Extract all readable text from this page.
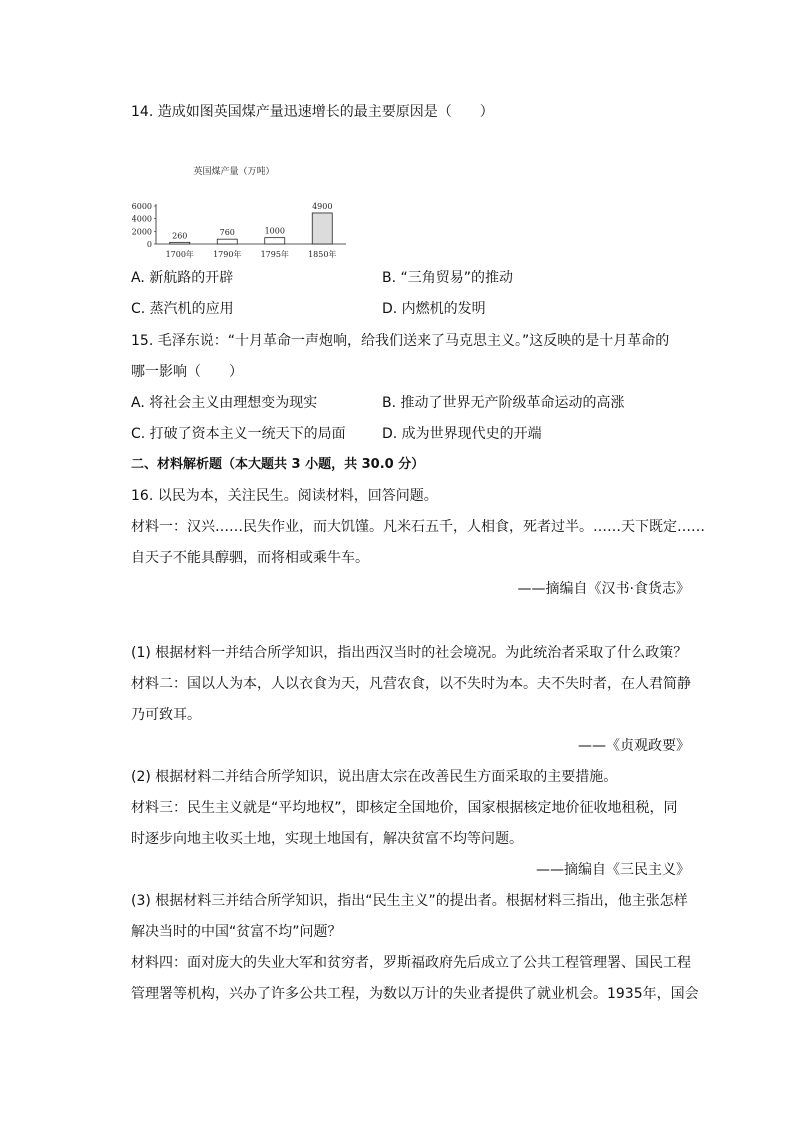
14. 造成如图英国煤产量迅速增长的最主要原因是（　　）
英国煤产量（万吨）
6000
4000
2000
0
260	760	1000
4900
1700年 1790年 1795年 1850年
A. 新航路的开辟	B. “三角贸易”的推动
C. 蒸汽机的应用	D. 内燃机的发明
15. 毛泽东说：“十月革命一声炮响，给我们送来了马克思主义。”这反映的是十月革命的
哪一影响（　　）
A. 将社会主义由理想变为现实	B. 推动了世界无产阶级革命运动的高涨
C. 打破了资本主义一统天下的局面	D. 成为世界现代史的开端
二、材料解析题（本大题共 3 小题，共 30.0 分）
16. 以民为本，关注民生。阅读材料，回答问题。
材料一：汉兴……民失作业，而大饥馑。凡米石五千，人相食，死者过半。……天下既定……
自天子不能具醇驷，而将相或乘牛车。
——摘编自《汉书·食货志》
(1) 根据材料一并结合所学知识，指出西汉当时的社会境况。为此统治者采取了什么政策？
材料二：国以人为本，人以衣食为天，凡营农食，以不失时为本。夫不失时者，在人君简静
乃可致耳。
——《贞观政要》
(2) 根据材料二并结合所学知识，说出唐太宗在改善民生方面采取的主要措施。
材料三：民生主义就是“平均地权”，即核定全国地价，国家根据核定地价征收地租税，同
时逐步向地主收买土地，实现土地国有，解决贫富不均等问题。
——摘编自《三民主义》
(3) 根据材料三并结合所学知识，指出“民生主义”的提出者。根据材料三指出，他主张怎样
解决当时的中国“贫富不均”问题？
材料四：面对庞大的失业大军和贫穷者，罗斯福政府先后成立了公共工程管理署、国民工程
管理署等机构，兴办了许多公共工程，为数以万计的失业者提供了就业机会。1935年，国会
